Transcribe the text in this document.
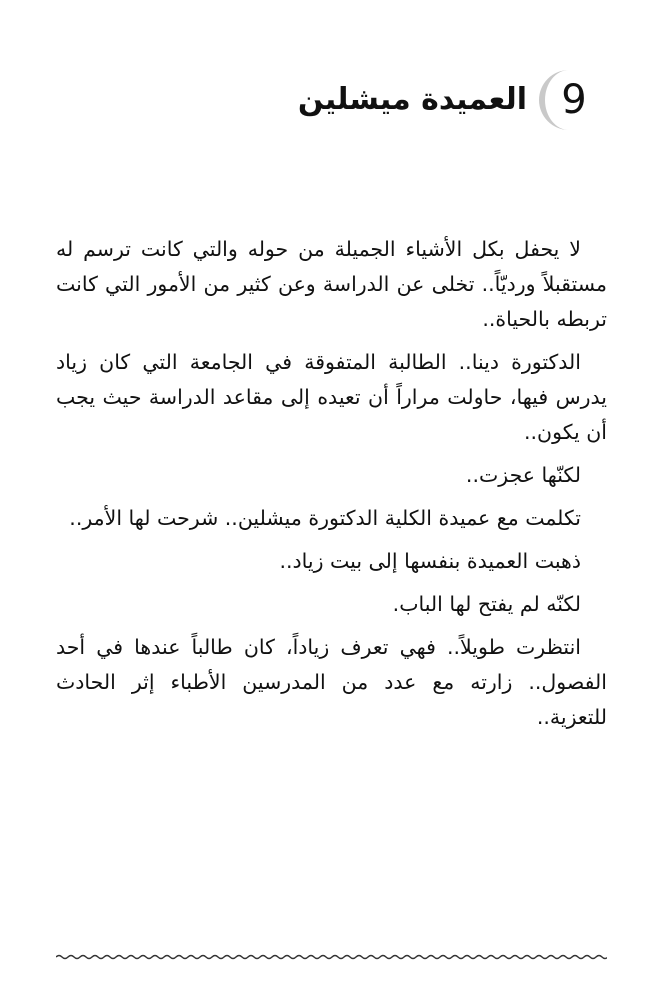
9
العميدة ميشلين

لا يحفل بكل الأشياء الجميلة من حوله والتي كانت ترسم له مستقبلاً ورديّاً.. تخلى عن الدراسة وعن كثير من الأمور التي كانت تربطه بالحياة..

الدكتورة دينا.. الطالبة المتفوقة في الجامعة التي كان زياد يدرس فيها، حاولت مراراً أن تعيده إلى مقاعد الدراسة حيث يجب أن يكون..

لكنّها عجزت..

تكلمت مع عميدة الكلية الدكتورة ميشلين.. شرحت لها الأمر..

ذهبت العميدة بنفسها إلى بيت زياد..

لكنّه لم يفتح لها الباب.

انتظرت طويلاً.. فهي تعرف زياداً، كان طالباً عندها في أحد الفصول.. زارته مع عدد من المدرسين الأطباء إثر الحادث للتعزية..
